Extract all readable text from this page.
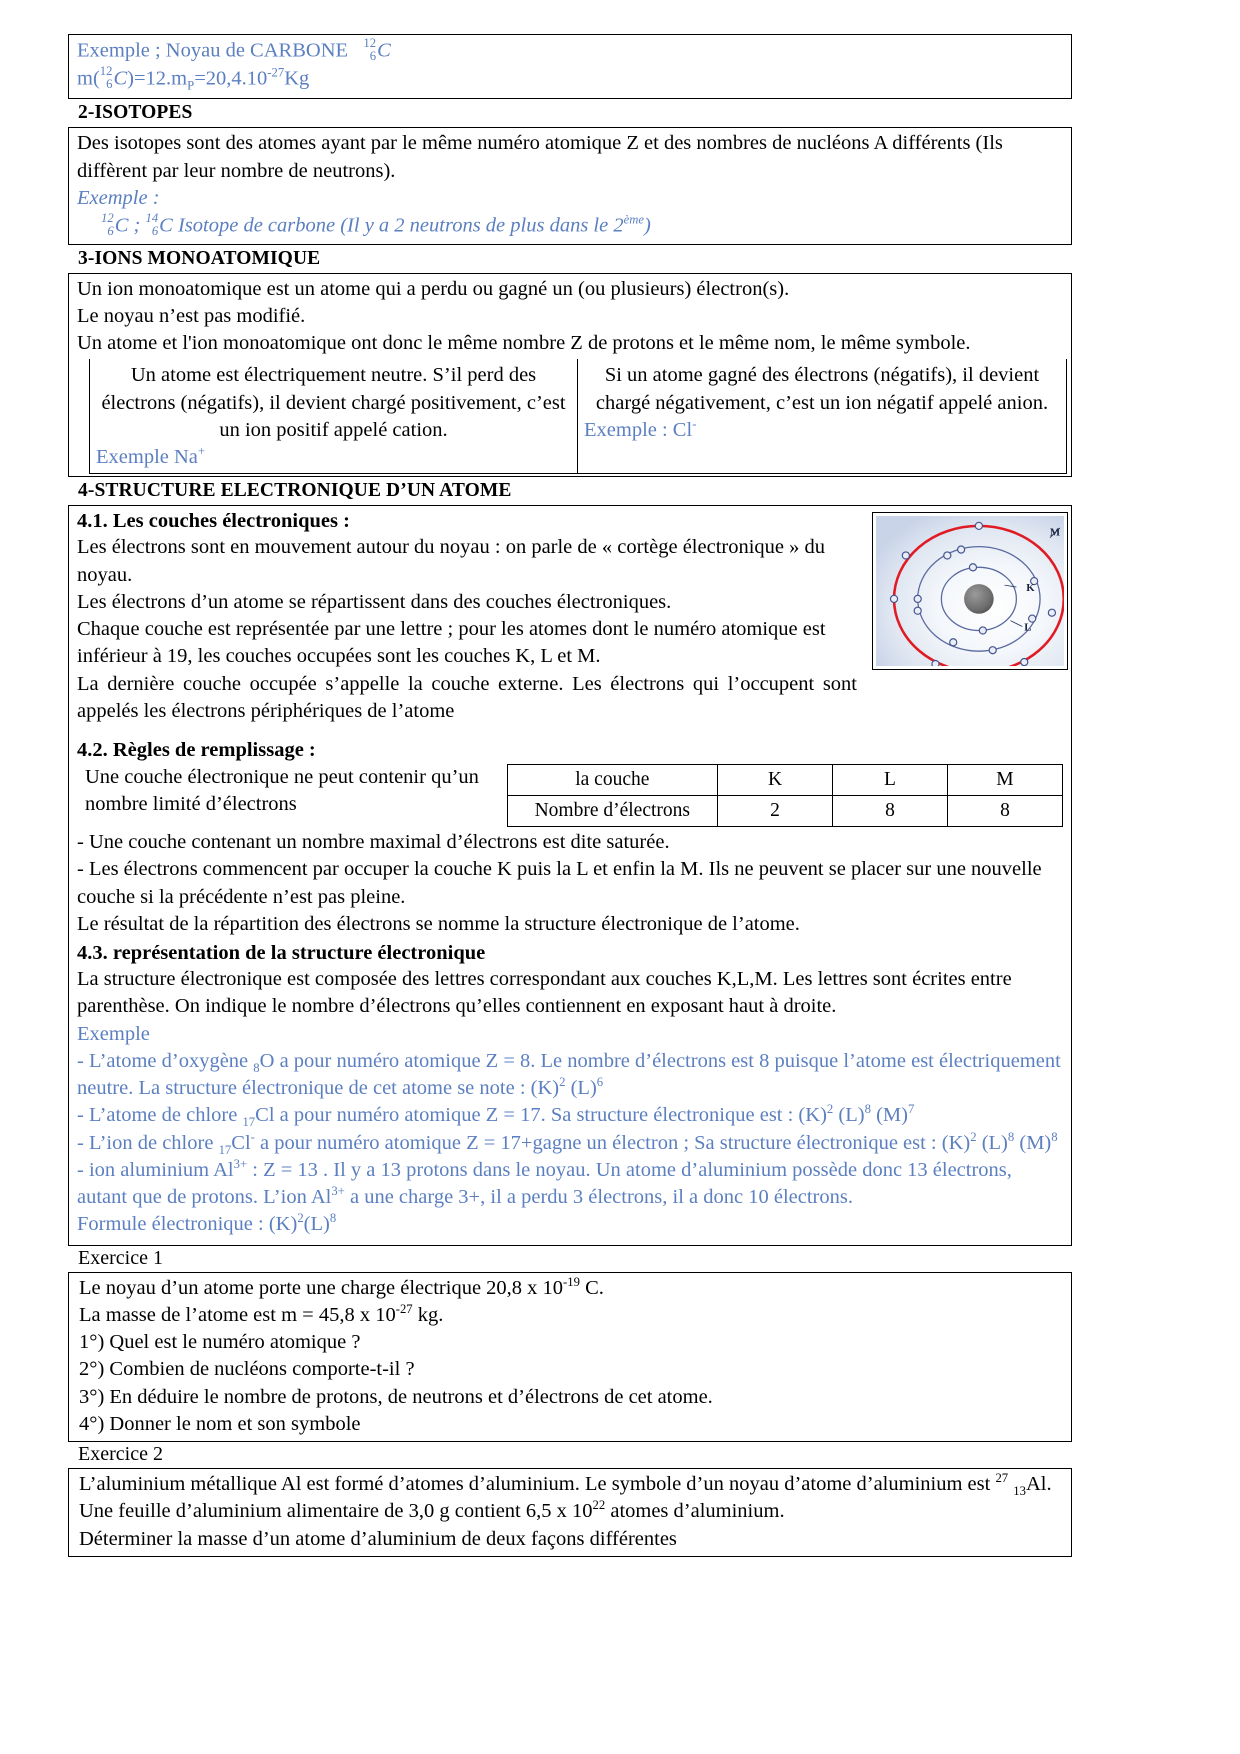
Exemple ; Noyau de CARBONE 12
6 C

m( 12
6 $C)=12.m_P=20,4.10^{-27}Kg$

2-ISOTOPES

Des isotopes sont des atomes ayant par le même numéro atomique Z et des nombres de nucléons A différents (Ils diffèrent par leur nombre de neutrons).

Exemple :

12
6 C ; 14
6 C Isotope de carbone (Il y a 2 neutrons de plus dans le 2ème)

3-IONS MONOATOMIQUE

Un ion monoatomique est un atome qui a perdu ou gagné un (ou plusieurs) électron(s).

Le noyau n’est pas modifié.

Un atome et l'ion monoatomique ont donc le même nombre Z de protons et le même nom, le même symbole.

Un atome est électriquement neutre. S’il perd des électrons (négatifs), il devient chargé positivement, c’est un ion positif appelé cation.

Exemple Na+

Si un atome gagné des électrons (négatifs), il devient chargé négativement, c’est un ion négatif appelé anion.

Exemple : Cl-

4-STRUCTURE ELECTRONIQUE D’UN ATOME
M
K
L
4.1. Les couches électroniques :

Les électrons sont en mouvement autour du noyau : on parle de « cortège électronique » du noyau.

Les électrons d’un atome se répartissent dans des couches électroniques.

Chaque couche est représentée par une lettre ; pour les atomes dont le numéro atomique est inférieur à 19, les couches occupées sont les couches K, L et M.

La dernière couche occupée s’appelle la couche externe. Les électrons qui l’occupent sont appelés les électrons périphériques de l’atome

4.2. Règles de remplissage :
Une couche électronique ne peut contenir qu’un nombre limité d’électrons
la couche	K	L	M
Nombre d’électrons	2	8	8

- Une couche contenant un nombre maximal d’électrons est dite saturée.

- Les électrons commencent par occuper la couche K puis la L et enfin la M. Ils ne peuvent se placer sur une nouvelle couche si la précédente n’est pas pleine.

Le résultat de la répartition des électrons se nomme la structure électronique de l’atome.

4.3. représentation de la structure électronique

La structure électronique est composée des lettres correspondant aux couches K,L,M. Les lettres sont écrites entre parenthèse. On indique le nombre d’électrons qu’elles contiennent en exposant haut à droite.

Exemple

- L’atome d’oxygène $_8$O a pour numéro atomique Z = 8. Le nombre d’électrons est 8 puisque l’atome est électriquement neutre. La structure électronique de cet atome se note : $(K)^2$ $(L)^6$

- L’atome de chlore $_{17}$Cl a pour numéro atomique Z = 17. Sa structure électronique est : $(K)^2$ $(L)^8$ $(M)^7$

- L’ion de chlore $_{17}$Cl- a pour numéro atomique Z = 17+gagne un électron ; Sa structure électronique est : $(K)^2$ $(L)^8$ $(M)^8$

- ion aluminium $Al^{3+}$ : Z = 13 . Il y a 13 protons dans le noyau. Un atome d’aluminium possède donc 13 électrons, autant que de protons. L’ion $Al^{3+}$ a une charge 3+, il a perdu 3 électrons, il a donc 10 électrons.

Formule électronique : $(K)^2(L)^8$

Exercice 1

Le noyau d’un atome porte une charge électrique 20,8 x $10^{-19}$ C.

La masse de l’atome est m = 45,8 x $10^{-27}$ kg.

1°) Quel est le numéro atomique ?

2°) Combien de nucléons comporte-t-il ?

3°) En déduire le nombre de protons, de neutrons et d’électrons de cet atome.

4°) Donner le nom et son symbole

Exercice 2

L’aluminium métallique Al est formé d’atomes d’aluminium. Le symbole d’un noyau d’atome d’aluminium est $^{27}$ $_{13}$Al. Une feuille d’aluminium alimentaire de 3,0 g contient 6,5 x $10^{22}$ atomes d’aluminium.

Déterminer la masse d’un atome d’aluminium de deux façons différentes
